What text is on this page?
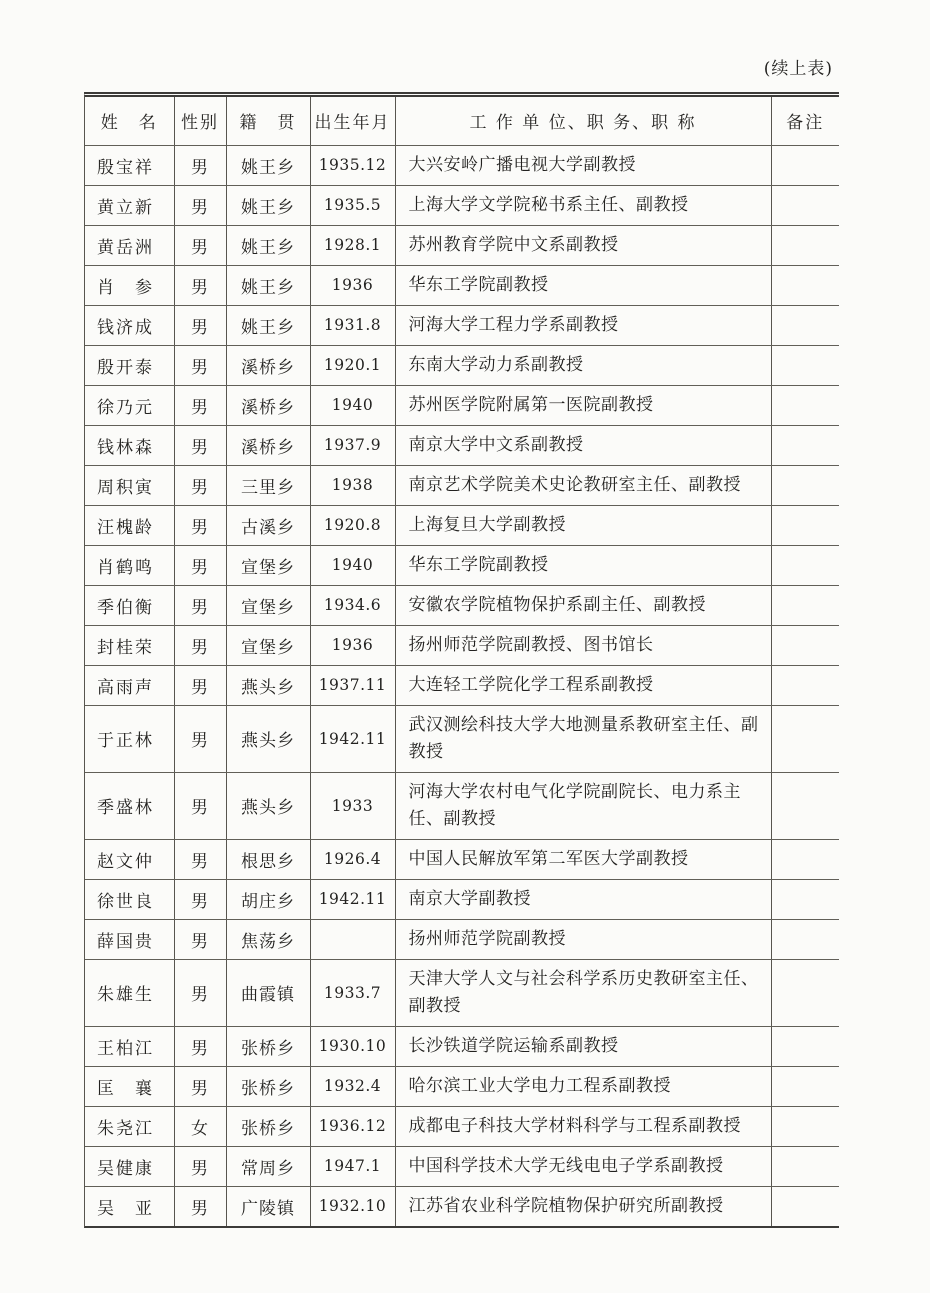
(续上表)
姓　名	性别	籍　贯	出生年月	工 作 单 位、职 务、职 称	备注
殷宝祥	男	姚王乡	1935.12	大兴安岭广播电视大学副教授	
黄立新	男	姚王乡	1935.5	上海大学文学院秘书系主任、副教授	
黄岳洲	男	姚王乡	1928.1	苏州教育学院中文系副教授	
肖　参	男	姚王乡	1936	华东工学院副教授	
钱济成	男	姚王乡	1931.8	河海大学工程力学系副教授	
殷开泰	男	溪桥乡	1920.1	东南大学动力系副教授	
徐乃元	男	溪桥乡	1940	苏州医学院附属第一医院副教授	
钱林森	男	溪桥乡	1937.9	南京大学中文系副教授	
周积寅	男	三里乡	1938	南京艺术学院美术史论教研室主任、副教授	
汪槐龄	男	古溪乡	1920.8	上海复旦大学副教授	
肖鹤鸣	男	宣堡乡	1940	华东工学院副教授	
季伯衡	男	宣堡乡	1934.6	安徽农学院植物保护系副主任、副教授	
封桂荣	男	宣堡乡	1936	扬州师范学院副教授、图书馆长	
高雨声	男	燕头乡	1937.11	大连轻工学院化学工程系副教授	
于正林	男	燕头乡	1942.11	武汉测绘科技大学大地测量系教研室主任、副教授	
季盛林	男	燕头乡	1933	河海大学农村电气化学院副院长、电力系主任、副教授	
赵文仲	男	根思乡	1926.4	中国人民解放军第二军医大学副教授	
徐世良	男	胡庄乡	1942.11	南京大学副教授	
薛国贵	男	焦荡乡		扬州师范学院副教授	
朱雄生	男	曲霞镇	1933.7	天津大学人文与社会科学系历史教研室主任、副教授	
王柏江	男	张桥乡	1930.10	长沙铁道学院运输系副教授	
匡　襄	男	张桥乡	1932.4	哈尔滨工业大学电力工程系副教授	
朱尧江	女	张桥乡	1936.12	成都电子科技大学材料科学与工程系副教授	
吴健康	男	常周乡	1947.1	中国科学技术大学无线电电子学系副教授	
吴　亚	男	广陵镇	1932.10	江苏省农业科学院植物保护研究所副教授	
